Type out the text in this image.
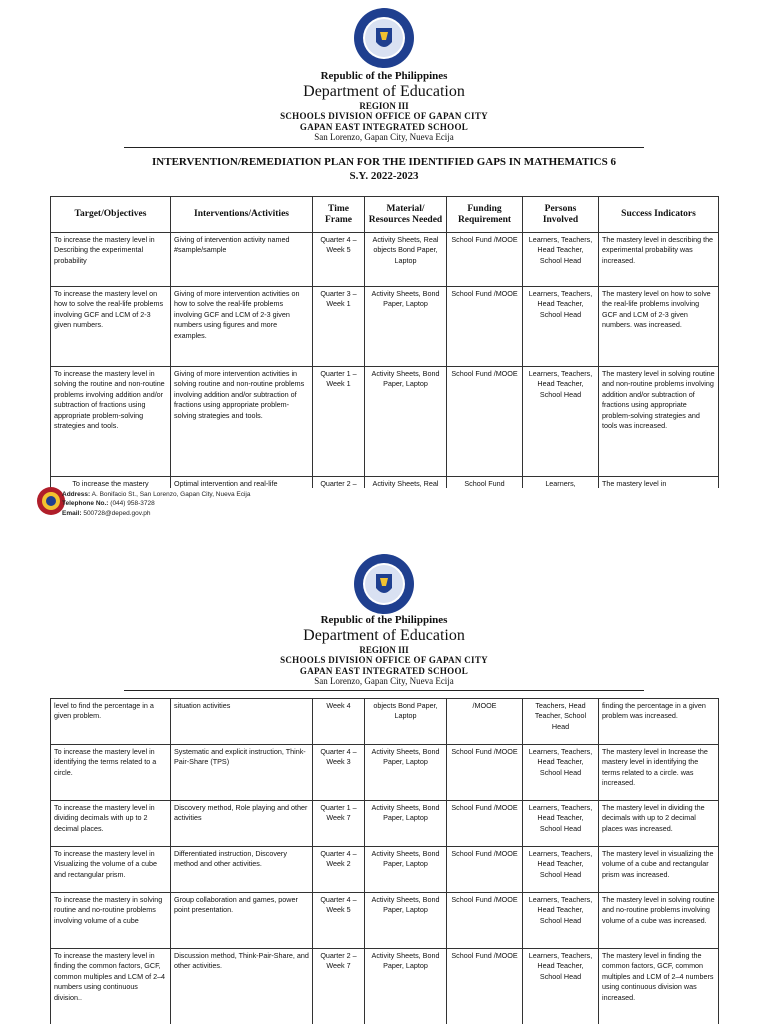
Republic of the Philippines
Department of Education
REGION III
SCHOOLS DIVISION OFFICE OF GAPAN CITY
GAPAN EAST INTEGRATED SCHOOL
San Lorenzo, Gapan City, Nueva Ecija
INTERVENTION/REMEDIATION PLAN FOR THE IDENTIFIED GAPS IN MATHEMATICS 6
S.Y. 2022-2023
Target/Objectives	Interventions/Activities	Time Frame	Material/ Resources Needed	Funding Requirement	Persons Involved	Success Indicators
To increase the mastery level in Describing the experimental probability	Giving of intervention activity named #sample/sample	Quarter 4 – Week 5	Activity Sheets, Real objects Bond Paper, Laptop	School Fund /MOOE	Learners, Teachers, Head Teacher, School Head	The mastery level in describing the experimental probability was increased.
To increase the mastery level on how to solve the real-life problems involving GCF and LCM of 2-3 given numbers.	Giving of more intervention activities on how to solve the real-life problems involving GCF and LCM of 2-3 given numbers using figures and more examples.	Quarter 3 – Week 1	Activity Sheets, Bond Paper, Laptop	School Fund /MOOE	Learners, Teachers, Head Teacher, School Head	The mastery level on how to solve the real-life problems involving GCF and LCM of 2-3 given numbers. was increased.
To increase the mastery level in solving the routine and non-routine problems involving addition and/or subtraction of fractions using appropriate problem-solving strategies and tools.	Giving of more intervention activities in solving routine and non-routine problems involving addition and/or subtraction of fractions using appropriate problem-solving strategies and tools.	Quarter 1 – Week 1	Activity Sheets, Bond Paper, Laptop	School Fund /MOOE	Learners, Teachers, Head Teacher, School Head	The mastery level in solving routine and non-routine problems involving addition and/or subtraction of fractions using appropriate problem-solving strategies and tools was increased.
To increase the mastery	Optimal intervention and real-life	Quarter 2 –	Activity Sheets, Real	School Fund	Learners,	The mastery level in
Address: A. Bonifacio St., San Lorenzo, Gapan City, Nueva Ecija
Telephone No.: (044) 958-3728
Email: 500728@deped.gov.ph
Republic of the Philippines
Department of Education
REGION III
SCHOOLS DIVISION OFFICE OF GAPAN CITY
GAPAN EAST INTEGRATED SCHOOL
San Lorenzo, Gapan City, Nueva Ecija
level to find the percentage in a given problem.	situation activities	Week 4	objects Bond Paper, Laptop	/MOOE	Teachers, Head Teacher, School Head	finding the percentage in a given problem was increased.
To increase the mastery level in identifying the terms related to a circle.	Systematic and explicit instruction, Think-Pair-Share (TPS)	Quarter 4 – Week 3	Activity Sheets, Bond Paper, Laptop	School Fund /MOOE	Learners, Teachers, Head Teacher, School Head	The mastery level in Increase the mastery level in identifying the terms related to a circle. was increased.
To increase the mastery level in dividing decimals with up to 2 decimal places.	Discovery method, Role playing and other activities	Quarter 1 – Week 7	Activity Sheets, Bond Paper, Laptop	School Fund /MOOE	Learners, Teachers, Head Teacher, School Head	The mastery level in dividing the decimals with up to 2 decimal places was increased.
To increase the mastery level in Visualizing the volume of a cube and rectangular prism.	Differentiated instruction, Discovery method and other activities.	Quarter 4 – Week 2	Activity Sheets, Bond Paper, Laptop	School Fund /MOOE	Learners, Teachers, Head Teacher, School Head	The mastery level in visualizing the volume of a cube and rectangular prism was increased.
To increase the mastery in solving routine and no-routine problems involving volume of a cube	Group collaboration and games, power point presentation.	Quarter 4 – Week 5	Activity Sheets, Bond Paper, Laptop	School Fund /MOOE	Learners, Teachers, Head Teacher, School Head	The mastery level in solving routine and no-routine problems involving volume of a cube was increased.
To increase the mastery level in finding the common factors, GCF, common multiples and LCM of 2–4 numbers using continuous division..	Discussion method, Think-Pair-Share, and other activities.	Quarter 2 – Week 7	Activity Sheets, Bond Paper, Laptop	School Fund /MOOE	Learners, Teachers, Head Teacher, School Head	The mastery level in finding the common factors, GCF, common multiples and LCM of 2–4 numbers using continuous division was increased.
